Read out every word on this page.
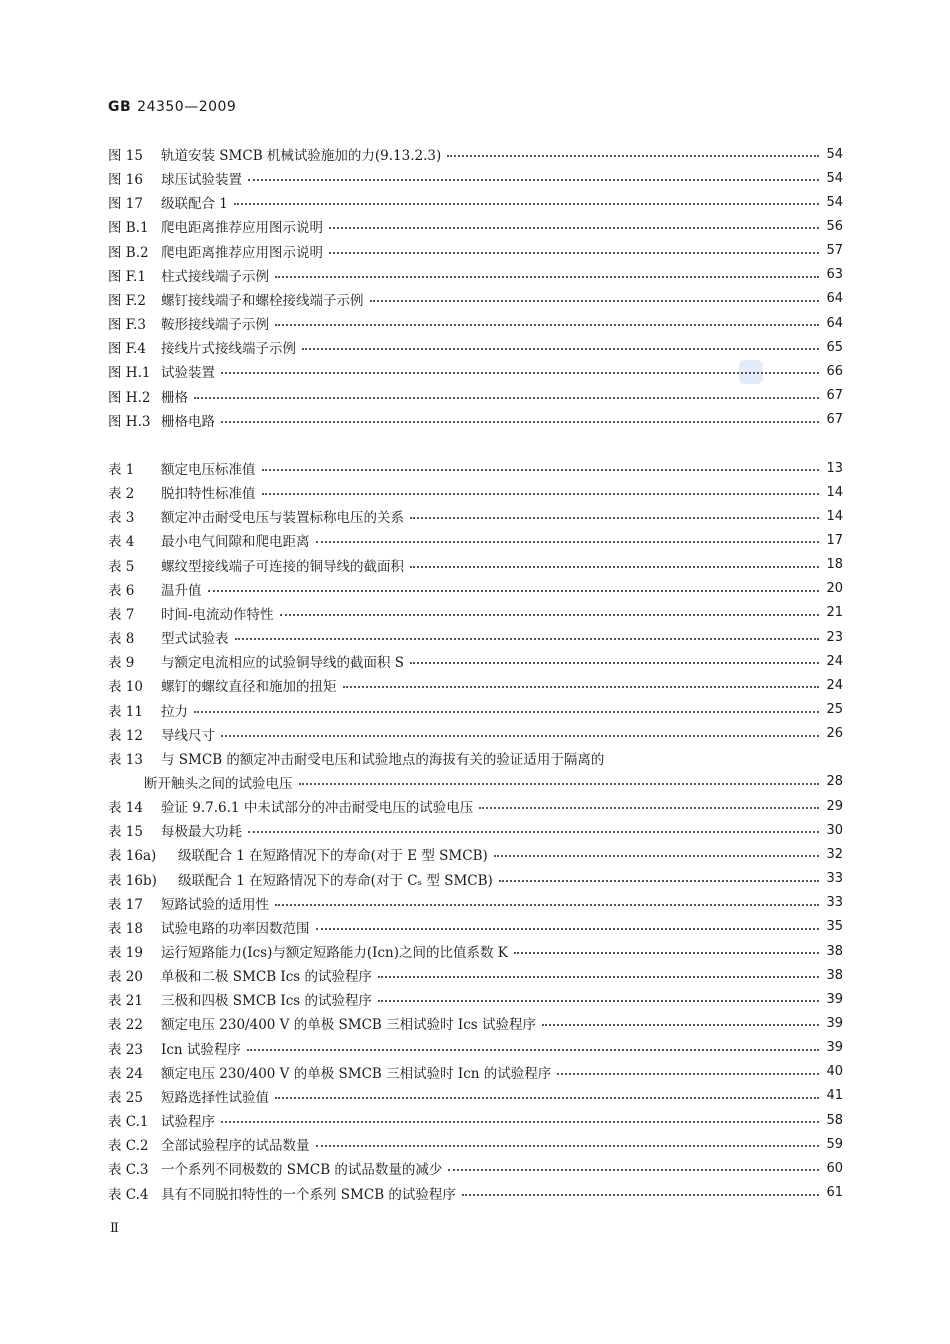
GB 24350—2009
图 15	轨道安装 SMCB 机械试验施加的力(9.13.2.3)	54
图 16	球压试验装置	54
图 17	级联配合 1	54
图 B.1 爬电距离推荐应用图示说明	56
图 B.2 爬电距离推荐应用图示说明	57
图 F.1	柱式接线端子示例	63
图 F.2	螺钉接线端子和螺栓接线端子示例	64
图 F.3	鞍形接线端子示例	64
图 F.4	接线片式接线端子示例	65
图 H.1 试验装置	66
图 H.2 栅格	67
图 H.3 栅格电路	67
表 1	额定电压标准值	13
表 2	脱扣特性标准值	14
表 3	额定冲击耐受电压与装置标称电压的关系	14
表 4	最小电气间隙和爬电距离	17
表 5	螺纹型接线端子可连接的铜导线的截面积	18
表 6	温升值	20
表 7	时间-电流动作特性	21
表 8	型式试验表	23
表 9	与额定电流相应的试验铜导线的截面积 S	24
表 10	螺钉的螺纹直径和施加的扭矩	24
表 11	拉力	25
表 12	导线尺寸	26
表 13	与 SMCB 的额定冲击耐受电压和试验地点的海拔有关的验证适用于隔离的
断开触头之间的试验电压	28
表 14	验证 9.7.6.1 中未试部分的冲击耐受电压的试验电压	29
表 15	每极最大功耗	30
表 16a)	级联配合 1 在短路情况下的寿命(对于 E 型 SMCB)	32
表 16b)	级联配合 1 在短路情况下的寿命(对于 Cₛ 型 SMCB)	33
表 17	短路试验的适用性	33
表 18	试验电路的功率因数范围	35
表 19	运行短路能力(Ics)与额定短路能力(Icn)之间的比值系数 K	38
表 20	单极和二极 SMCB Ics 的试验程序	38
表 21	三极和四极 SMCB Ics 的试验程序	39
表 22	额定电压 230/400 V 的单极 SMCB 三相试验时 Ics 试验程序	39
表 23	Icn 试验程序	39
表 24	额定电压 230/400 V 的单极 SMCB 三相试验时 Icn 的试验程序	40
表 25	短路选择性试验值	41
表 C.1 试验程序	58
表 C.2 全部试验程序的试品数量	59
表 C.3 一个系列不同极数的 SMCB 的试品数量的减少	60
表 C.4 具有不同脱扣特性的一个系列 SMCB 的试验程序	61
Ⅱ
